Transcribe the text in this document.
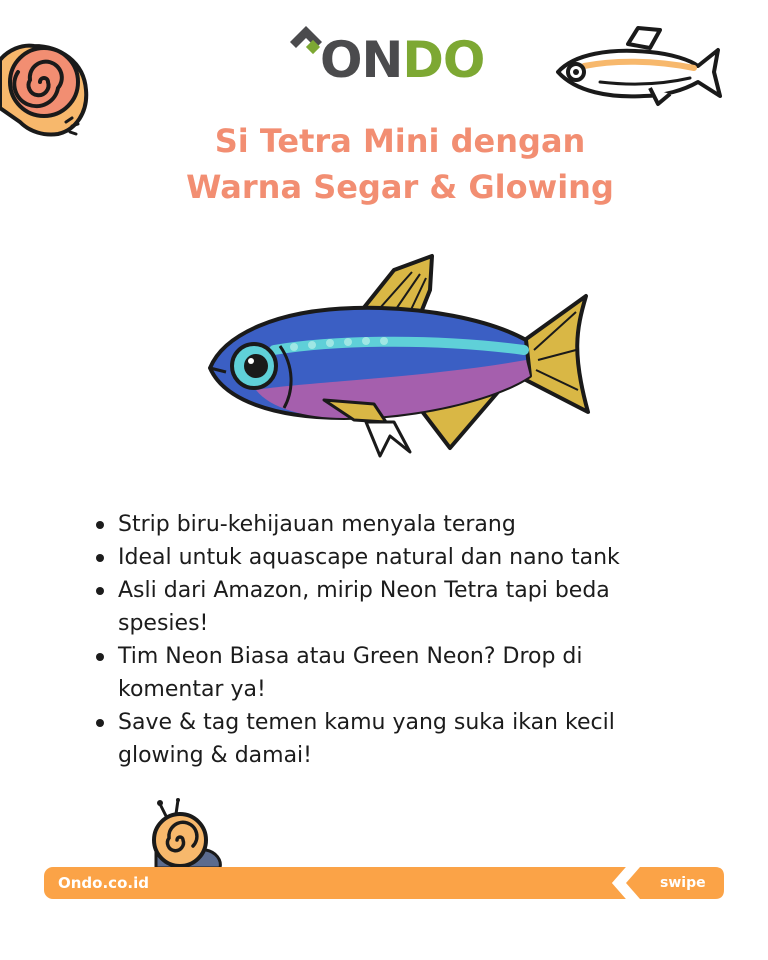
ONDO
Si Tetra Mini dengan
Warna Segar & Glowing
Strip biru-kehijauan menyala terang
Ideal untuk aquascape natural dan nano tank
Asli dari Amazon, mirip Neon Tetra tapi beda spesies!
Tim Neon Biasa atau Green Neon? Drop di komentar ya!
Save & tag temen kamu yang suka ikan kecil glowing & damai!
Ondo.co.id	swipe
